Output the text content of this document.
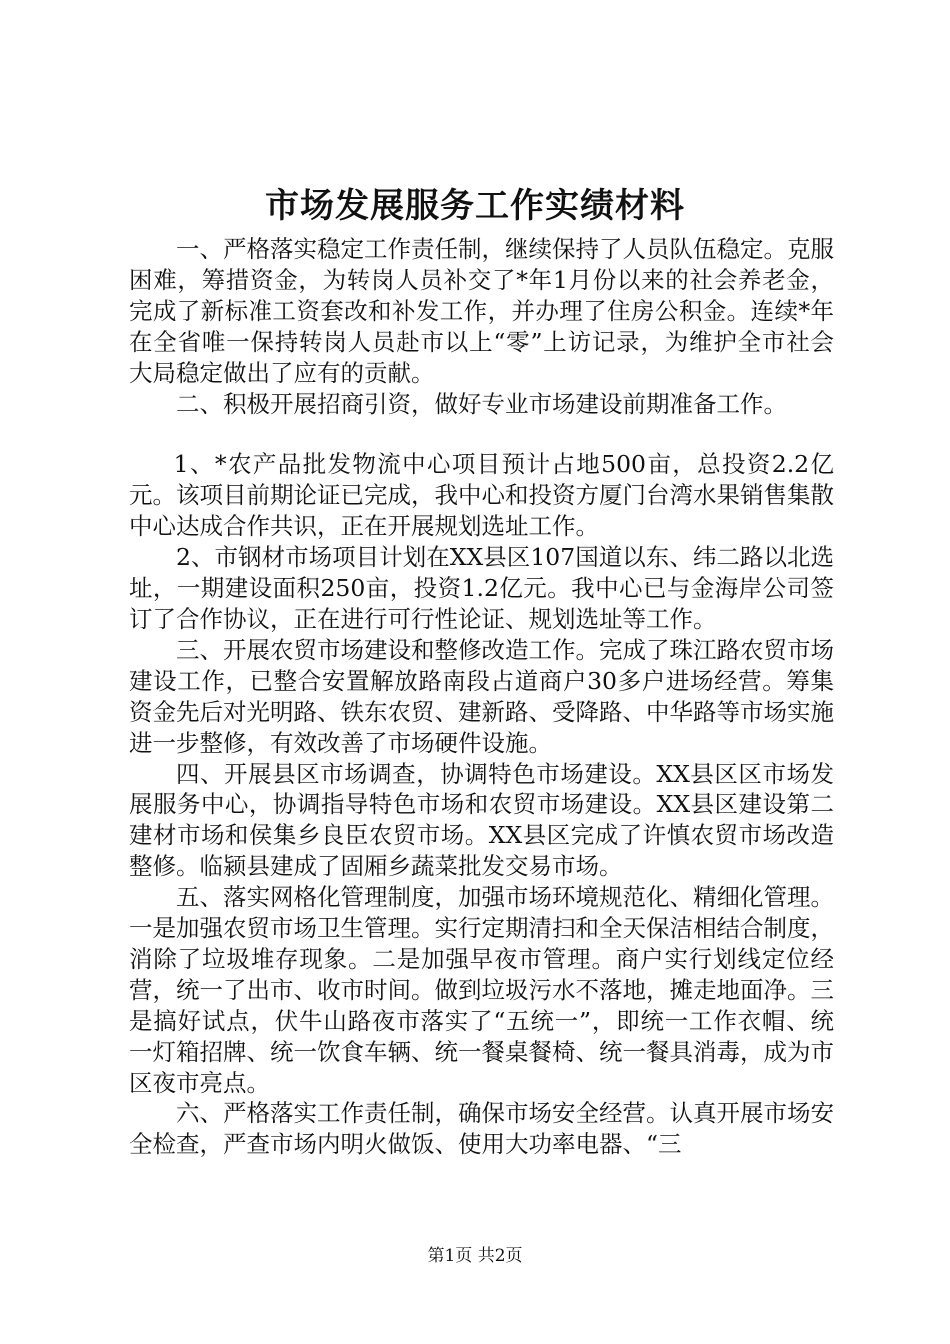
市场发展服务工作实绩材料

一、严格落实稳定工作责任制，继续保持了人员队伍稳定。克服困难，筹措资金，为转岗人员补交了*年1月份以来的社会养老金，完成了新标准工资套改和补发工作，并办理了住房公积金。连续*年在全省唯一保持转岗人员赴市以上“零”上访记录，为维护全市社会大局稳定做出了应有的贡献。

二、积极开展招商引资，做好专业市场建设前期准备工作。

1、*农产品批发物流中心项目预计占地500亩，总投资2.2亿元。该项目前期论证已完成，我中心和投资方厦门台湾水果销售集散中心达成合作共识，正在开展规划选址工作。

2、市钢材市场项目计划在XX县区107国道以东、纬二路以北选址，一期建设面积250亩，投资1.2亿元。我中心已与金海岸公司签订了合作协议，正在进行可行性论证、规划选址等工作。

三、开展农贸市场建设和整修改造工作。完成了珠江路农贸市场建设工作，已整合安置解放路南段占道商户30多户进场经营。筹集资金先后对光明路、铁东农贸、建新路、受降路、中华路等市场实施进一步整修，有效改善了市场硬件设施。

四、开展县区市场调查，协调特色市场建设。XX县区区市场发展服务中心，协调指导特色市场和农贸市场建设。XX县区建设第二建材市场和侯集乡良臣农贸市场。XX县区完成了许慎农贸市场改造整修。临颍县建成了固厢乡蔬菜批发交易市场。

五、落实网格化管理制度，加强市场环境规范化、精细化管理。一是加强农贸市场卫生管理。实行定期清扫和全天保洁相结合制度，消除了垃圾堆存现象。二是加强早夜市管理。商户实行划线定位经营，统一了出市、收市时间。做到垃圾污水不落地，摊走地面净。三是搞好试点，伏牛山路夜市落实了“五统一”，即统一工作衣帽、统一灯箱招牌、统一饮食车辆、统一餐桌餐椅、统一餐具消毒，成为市区夜市亮点。

六、严格落实工作责任制，确保市场安全经营。认真开展市场安全检查，严查市场内明火做饭、使用大功率电器、“三

第1页 共2页
